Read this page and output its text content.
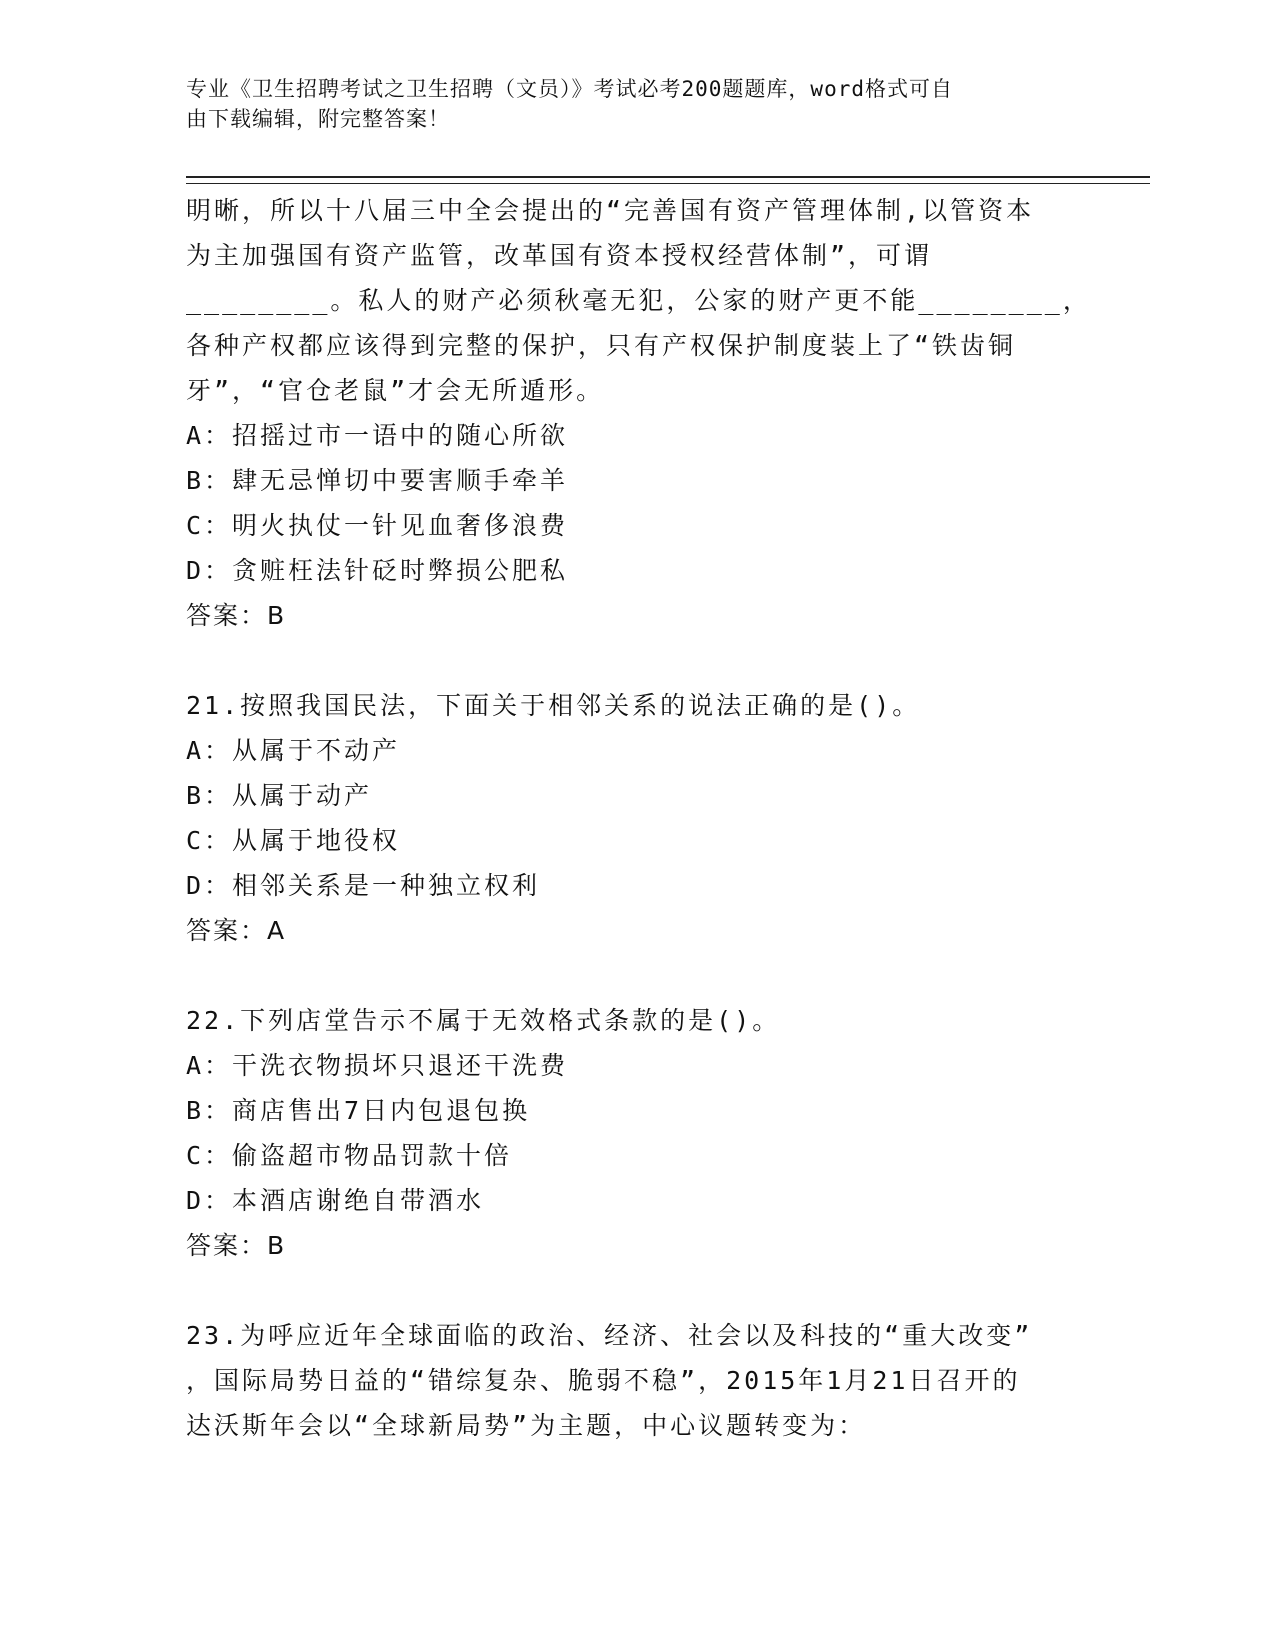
专业《卫生招聘考试之卫生招聘（文员）》考试必考200题题库，word格式可自
由下载编辑，附完整答案！
明晰，所以十八届三中全会提出的“完善国有资产管理体制,以管资本
为主加强国有资产监管，改革国有资本授权经营体制”，可谓
________。私人的财产必须秋毫无犯，公家的财产更不能________，
各种产权都应该得到完整的保护，只有产权保护制度装上了“铁齿铜
牙”，“官仓老鼠”才会无所遁形。
A：招摇过市一语中的随心所欲
B：肆无忌惮切中要害顺手牵羊
C：明火执仗一针见血奢侈浪费
D：贪赃枉法针砭时弊损公肥私
答案：B
21.按照我国民法，下面关于相邻关系的说法正确的是()。
A：从属于不动产
B：从属于动产
C：从属于地役权
D：相邻关系是一种独立权利
答案：A
22.下列店堂告示不属于无效格式条款的是()。
A：干洗衣物损坏只退还干洗费
B：商店售出7日内包退包换
C：偷盗超市物品罚款十倍
D：本酒店谢绝自带酒水
答案：B
23.为呼应近年全球面临的政治、经济、社会以及科技的“重大改变”
，国际局势日益的“错综复杂、脆弱不稳”，2015年1月21日召开的
达沃斯年会以“全球新局势”为主题，中心议题转变为：
